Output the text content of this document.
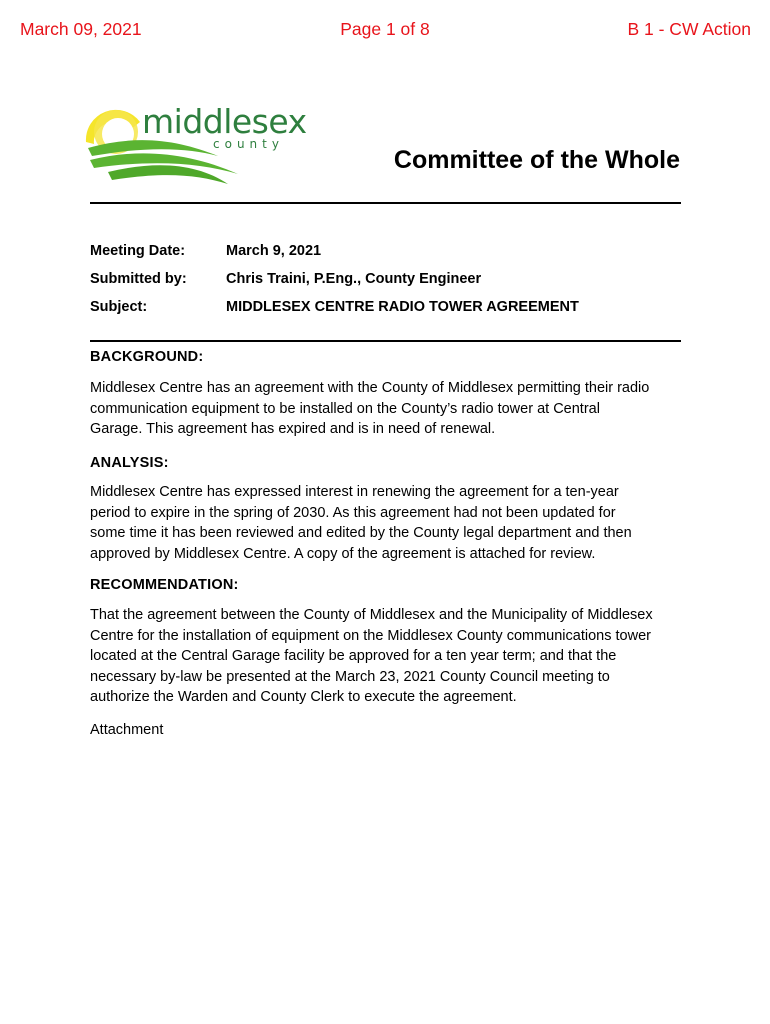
March 09, 2021	Page 1 of 8	B 1 - CW Action
middlesex
county
Committee of the Whole
Meeting Date:	March 9, 2021
Submitted by:	Chris Traini, P.Eng., County Engineer
Subject:	MIDDLESEX CENTRE RADIO TOWER AGREEMENT
BACKGROUND:
Middlesex Centre has an agreement with the County of Middlesex permitting their radio
communication equipment to be installed on the County’s radio tower at Central
Garage. This agreement has expired and is in need of renewal.
ANALYSIS:
Middlesex Centre has expressed interest in renewing the agreement for a ten-year
period to expire in the spring of 2030. As this agreement had not been updated for
some time it has been reviewed and edited by the County legal department and then
approved by Middlesex Centre. A copy of the agreement is attached for review.
RECOMMENDATION:
That the agreement between the County of Middlesex and the Municipality of Middlesex
Centre for the installation of equipment on the Middlesex County communications tower
located at the Central Garage facility be approved for a ten year term; and that the
necessary by-law be presented at the March 23, 2021 County Council meeting to
authorize the Warden and County Clerk to execute the agreement.
Attachment
